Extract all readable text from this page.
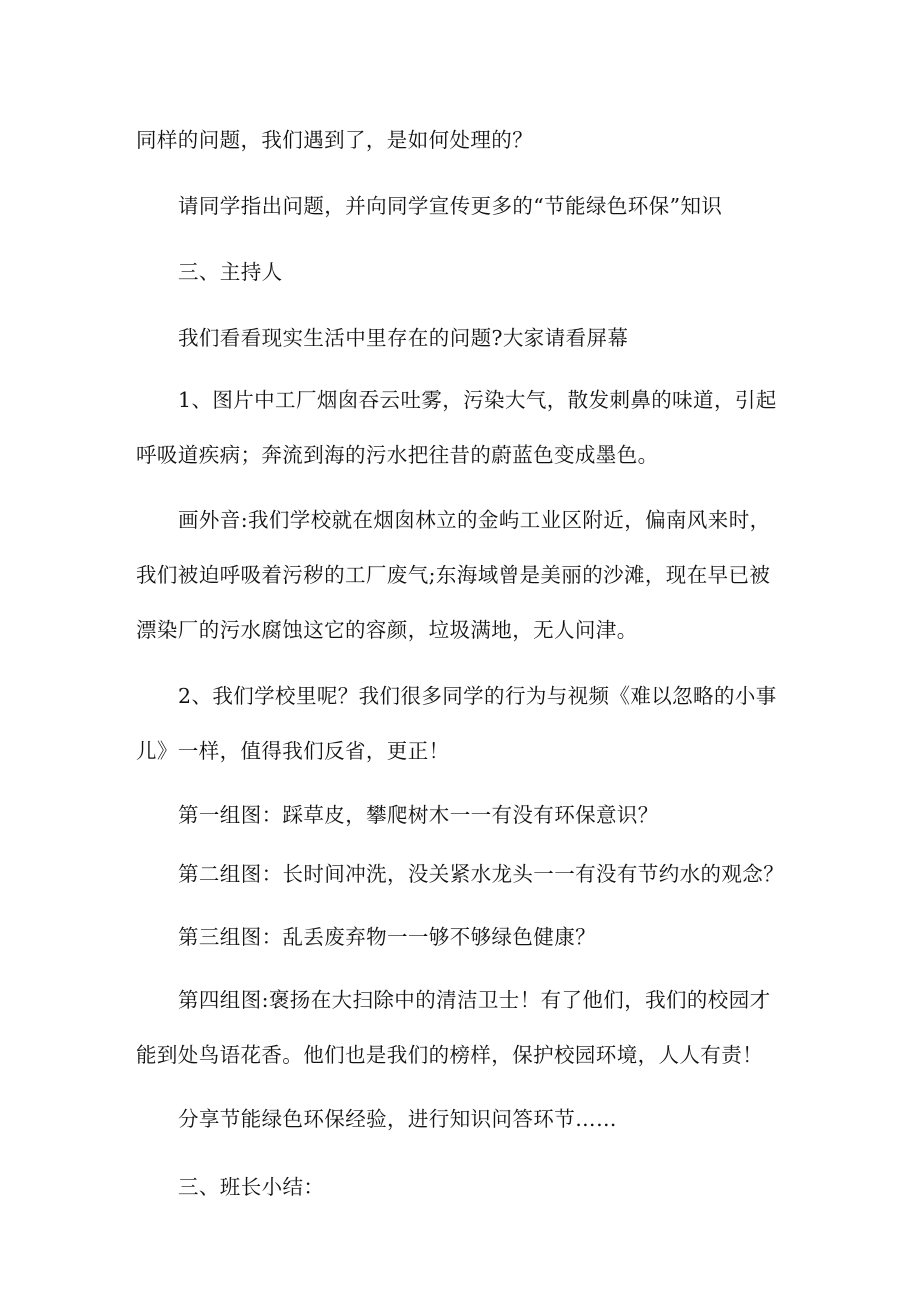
同样的问题，我们遇到了，是如何处理的？

请同学指出问题，并向同学宣传更多的“节能绿色环保”知识

三、主持人

我们看看现实生活中里存在的问题?大家请看屏幕

1、图片中工厂烟囱吞云吐雾，污染大气，散发刺鼻的味道，引起呼吸道疾病；奔流到海的污水把往昔的蔚蓝色变成墨色。

画外音:我们学校就在烟囱林立的金屿工业区附近，偏南风来时，我们被迫呼吸着污秽的工厂废气;东海域曾是美丽的沙滩，现在早已被漂染厂的污水腐蚀这它的容颜，垃圾满地，无人问津。

2、我们学校里呢？我们很多同学的行为与视频《难以忽略的小事儿》一样，值得我们反省，更正！

第一组图：踩草皮，攀爬树木一一有没有环保意识？

第二组图：长时间冲洗，没关紧水龙头一一有没有节约水的观念？

第三组图：乱丢废弃物一一够不够绿色健康？

第四组图:褒扬在大扫除中的清洁卫士！有了他们，我们的校园才能到处鸟语花香。他们也是我们的榜样，保护校园环境，人人有责！

分享节能绿色环保经验，进行知识问答环节……

三、班长小结：
